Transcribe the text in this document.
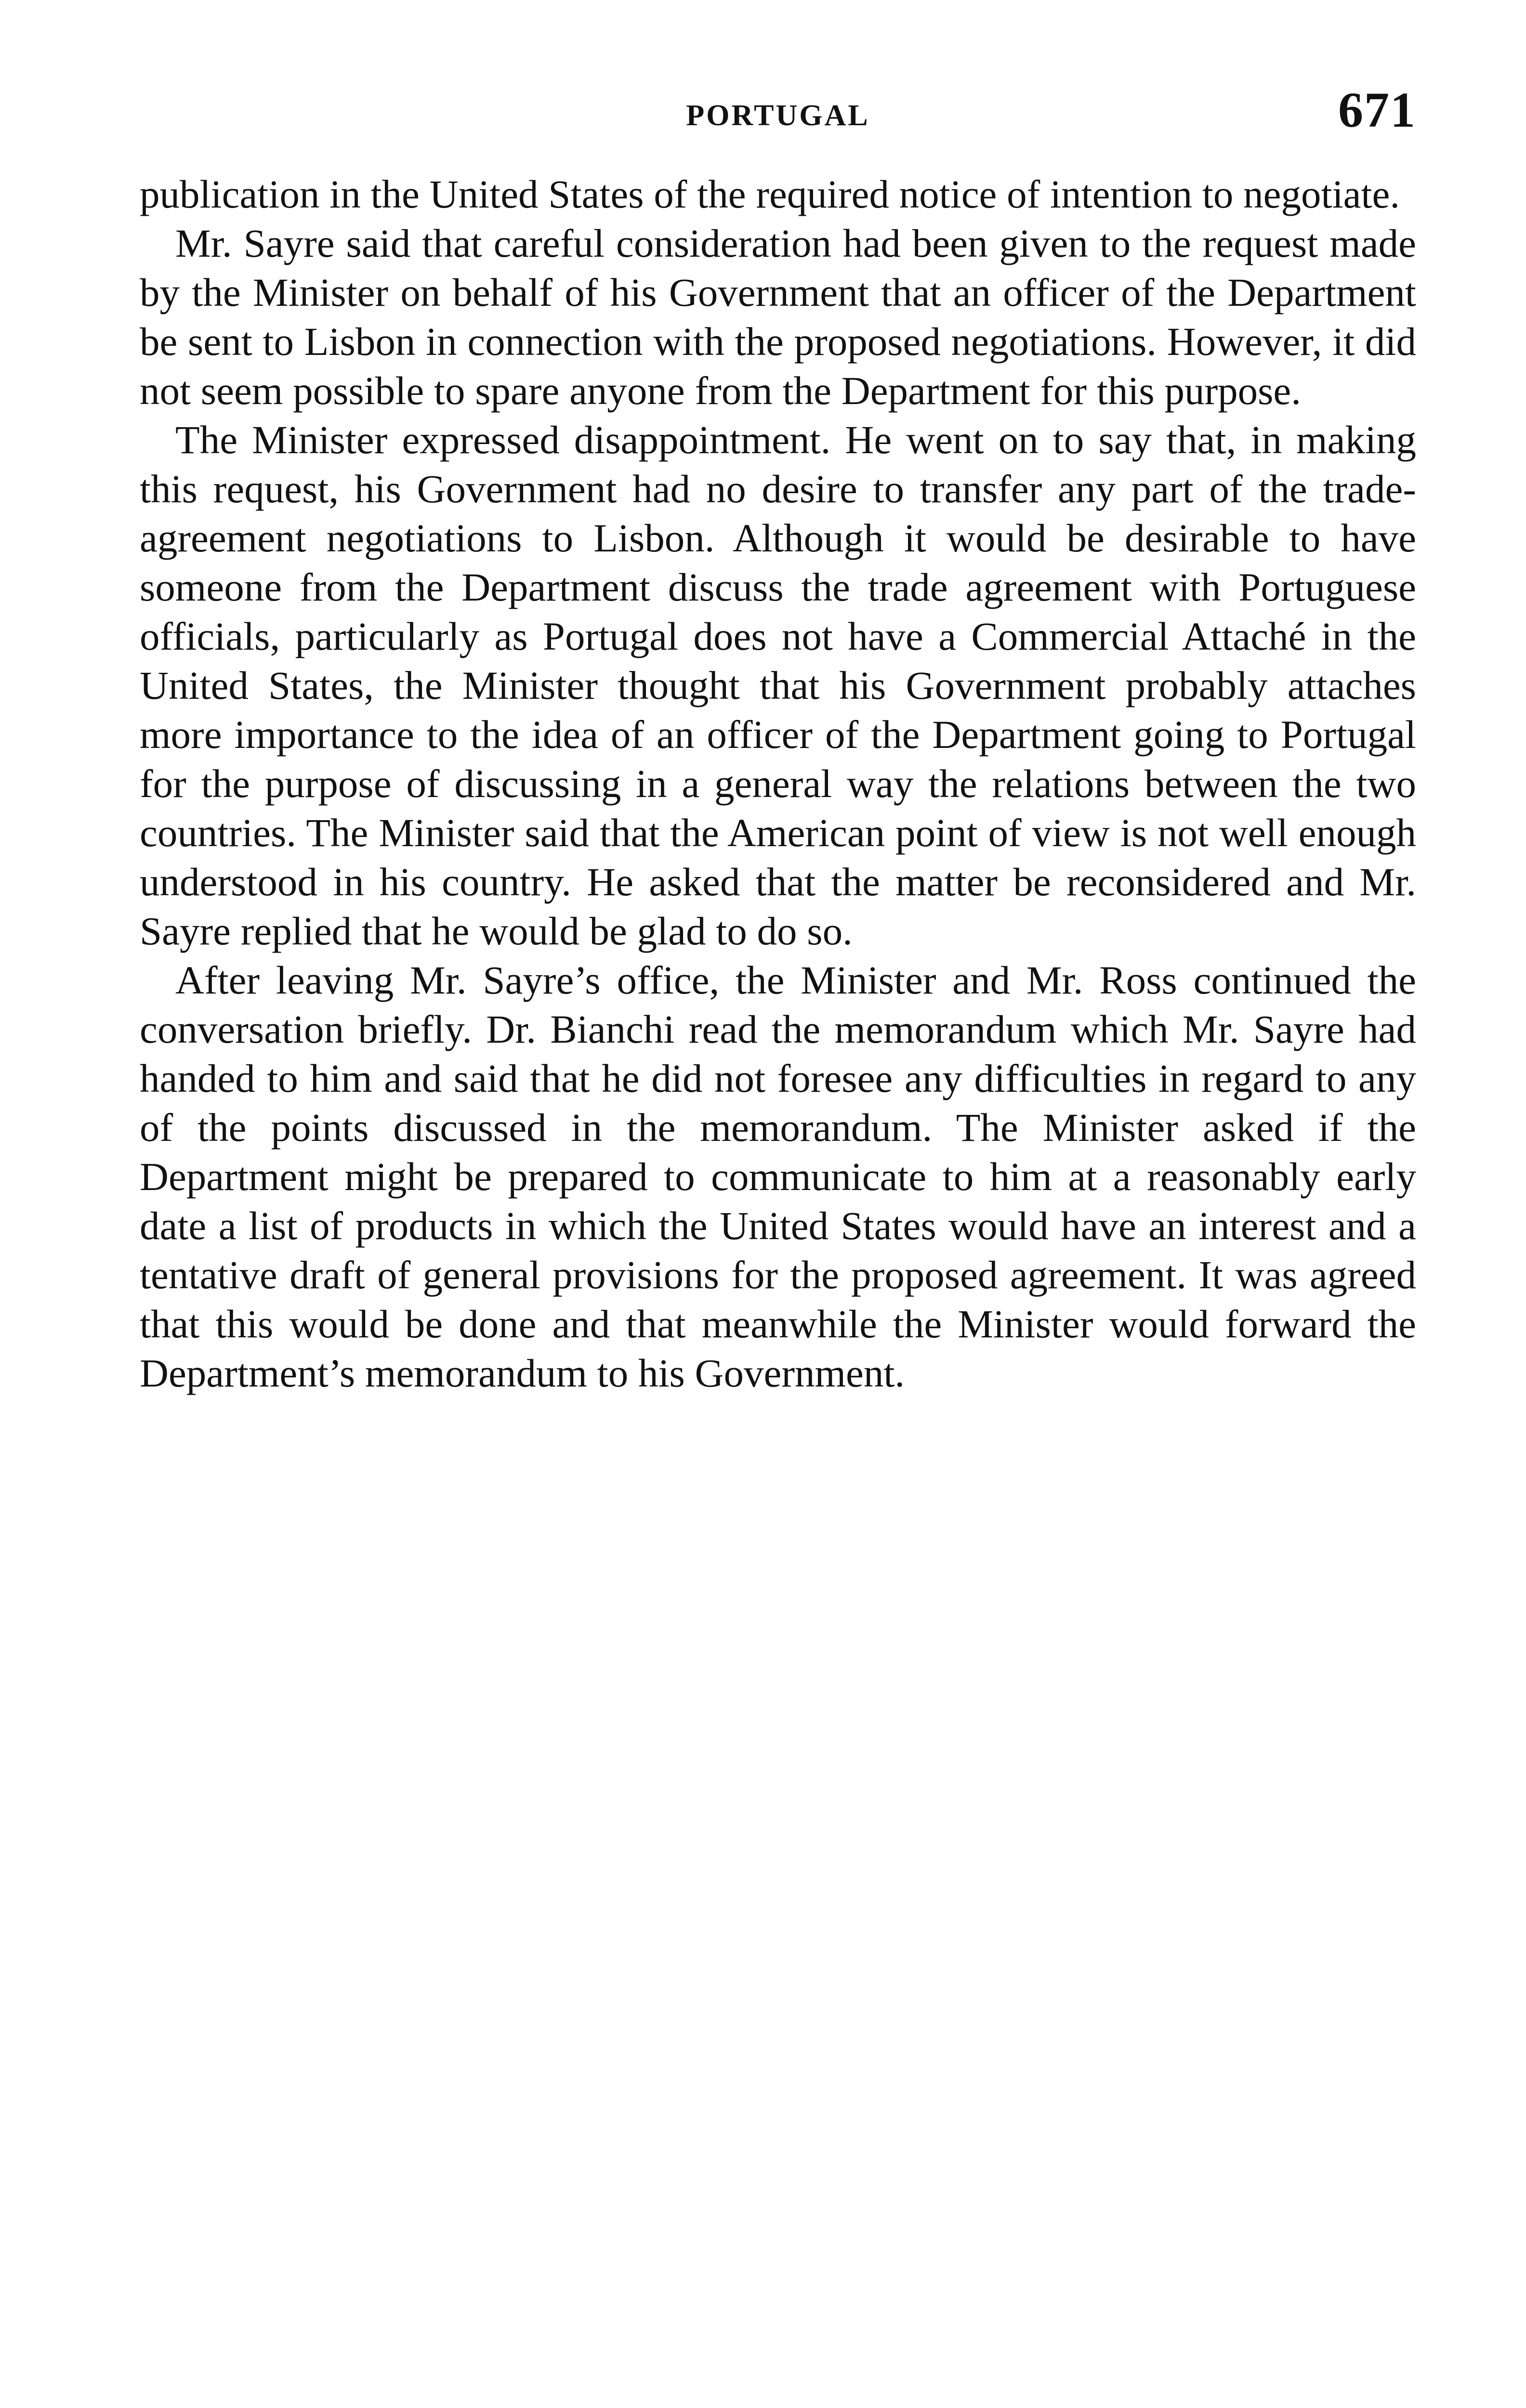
PORTUGAL	671

publication in the United States of the required notice of intention to negotiate.

Mr. Sayre said that careful consideration had been given to the request made by the Minister on behalf of his Government that an officer of the Department be sent to Lisbon in connection with the proposed negotiations. However, it did not seem possible to spare anyone from the Department for this purpose.

The Minister expressed disappointment. He went on to say that, in making this request, his Government had no desire to transfer any part of the trade-agreement negotiations to Lisbon. Although it would be desirable to have someone from the Department discuss the trade agreement with Portuguese officials, particularly as Portugal does not have a Commercial Attaché in the United States, the Minister thought that his Government probably attaches more importance to the idea of an officer of the Department going to Portugal for the purpose of discussing in a general way the relations between the two countries. The Minister said that the American point of view is not well enough understood in his country. He asked that the matter be reconsidered and Mr. Sayre replied that he would be glad to do so.

After leaving Mr. Sayre’s office, the Minister and Mr. Ross continued the conversation briefly. Dr. Bianchi read the memorandum which Mr. Sayre had handed to him and said that he did not foresee any difficulties in regard to any of the points discussed in the memorandum. The Minister asked if the Department might be prepared to communicate to him at a reasonably early date a list of products in which the United States would have an interest and a tentative draft of general provisions for the proposed agreement. It was agreed that this would be done and that meanwhile the Minister would forward the Department’s memorandum to his Government.
